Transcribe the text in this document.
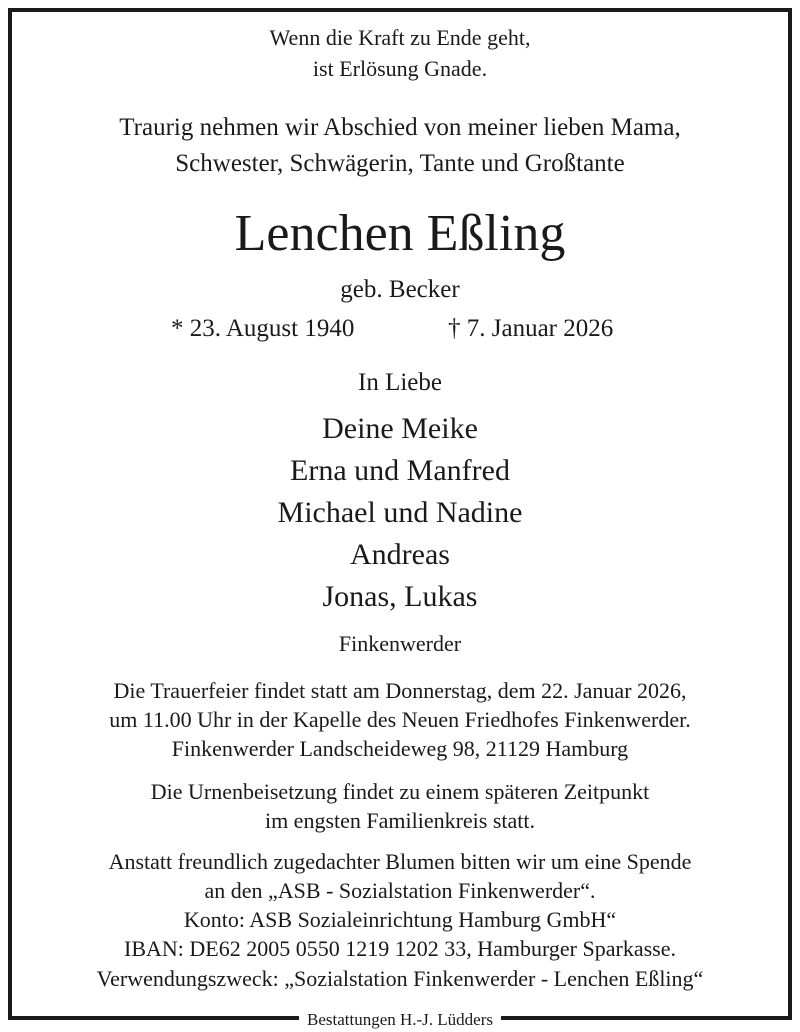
Wenn die Kraft zu Ende geht,
ist Erlösung Gnade.
Traurig nehmen wir Abschied von meiner lieben Mama,
Schwester, Schwägerin, Tante und Großtante
Lenchen Eßling
geb. Becker
* 23. August 1940	† 7. Januar 2026
In Liebe
Deine Meike
Erna und Manfred
Michael und Nadine
Andreas
Jonas, Lukas
Finkenwerder
Die Trauerfeier findet statt am Donnerstag, dem 22. Januar 2026,
um 11.00 Uhr in der Kapelle des Neuen Friedhofes Finkenwerder.
Finkenwerder Landscheideweg 98, 21129 Hamburg
Die Urnenbeisetzung findet zu einem späteren Zeitpunkt
im engsten Familienkreis statt.
Anstatt freundlich zugedachter Blumen bitten wir um eine Spende
an den „ASB - Sozialstation Finkenwerder“.
Konto: ASB Sozialeinrichtung Hamburg GmbH“
IBAN: DE62 2005 0550 1219 1202 33, Hamburger Sparkasse.
Verwendungszweck: „Sozialstation Finkenwerder - Lenchen Eßling“
Bestattungen H.-J. Lüdders
